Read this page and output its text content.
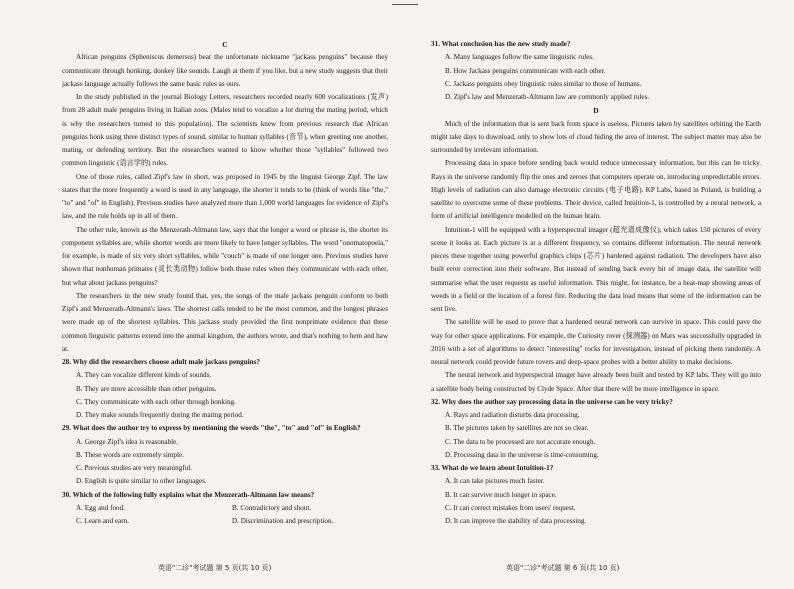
C

African penguins (Spheniscus demersus) bear the unfortunate nickname "jackass penguins" because they communicate through honking, donkey like sounds. Laugh at them if you like, but a new study suggests that their jackass language actually follows the same basic rules as ours.

In the study published in the journal Biology Letters, researchers recorded nearly 600 vocalizations (发声) from 28 adult male penguins living in Italian zoos. (Males tend to vocalize a lot during the mating period, which is why the researchers turned to this population). The scientists knew from previous research that African penguins honk using three distinct types of sound, similar to human syllables (音节), when greeting one another, mating, or defending territory. But the researchers wanted to know whether those "syllables" followed two common linguistic (语言学的) rules.

One of those rules, called Zipf's law in short, was proposed in 1945 by the linguist George Zipf. The law states that the more frequently a word is used in any language, the shorter it tends to be (think of words like "the," "to" and "of" in English). Previous studies have analyzed more than 1,000 world languages for evidence of Zipf's law, and the rule holds up in all of them.

The other rule, known as the Menzerath-Altmann law, says that the longer a word or phrase is, the shorter its component syllables are, while shorter words are more likely to have longer syllables. The word "onomatopoeia," for example, is made of six very short syllables, while "couch" is made of one longer one. Previous studies have shown that nonhuman primates (灵长类动物) follow both these rules when they communicate with each other, but what about jackass penguins?

The researchers in the new study found that, yes, the songs of the male jackass penguin conform to both Zipf's and Menzerath-Altmann's laws. The shortest calls tended to be the most common, and the longest phrases were made up of the shortest syllables. This jackass study provided the first nonprimate evidence that these common linguistic patterns extend into the animal kingdom, the authors wrote, and that's nothing to hem and haw at.

28. Why did the researchers choose adult male jackass penguins?

A. They can vocalize different kinds of sounds.

B. They are more accessible than other penguins.

C. They communicate with each other through honking.

D. They make sounds frequently during the mating period.

29. What does the author try to express by mentioning the words "the", "to" and "of" in English?

A. George Zipf's idea is reasonable.

B. These words are extremely simple.

C. Previous studies are very meaningful.

D. English is quite similar to other languages.

30. Which of the following fully explains what the Menzerath-Altmann law means?

A. Egg and food.	B. Contradictory and shout.
C. Learn and earn.	D. Discrimination and prescription.

31. What conclusion has the new study made?

A. Many languages follow the same linguistic rules.

B. How Jackass penguins communicate with each other.

C. Jackass penguins obey linguistic rules similar to those of humans.

D. Zipf's law and Menzerath-Altmann law are commonly applied rules.

D

Much of the information that is sent back from space is useless. Pictures taken by satellites orbiting the Earth might take days to download, only to show lots of cloud hiding the area of interest. The subject matter may also be surrounded by irrelevant information.

Processing data in space before sending back would reduce unnecessary information, but this can be tricky. Rays in the universe randomly flip the ones and zeroes that computers operate on, introducing unpredictable errors. High levels of radiation can also damage electronic circuits (电子电路). KP Labs, based in Poland, is building a satellite to overcome some of these problems. Their device, called Intuition-1, is controlled by a neural network, a form of artificial intelligence modelled on the human brain.

Intuition-1 will be equipped with a hyperspectral imager (超光谱成像仪), which takes 150 pictures of every scene it looks at. Each picture is at a different frequency, so contains different information. The neural network pieces these together using powerful graphics chips (芯片) hardened against radiation. The developers have also built error correction into their software. But instead of sending back every bit of image data, the satellite will summarise what the user requests as useful information. This might, for instance, be a heat-map showing areas of weeds in a field or the location of a forest fire. Reducing the data load means that some of the information can be sent live.

The satellite will be used to prove that a hardened neural network can survive in space. This could pave the way for other space applications. For example, the Curiosity rover (探测器) on Mars was successfully upgraded in 2016 with a set of algorithms to detect "interesting" rocks for investigation, instead of picking them randomly. A neural network could provide future rovers and deep-space probes with a better ability to make decisions.

The neural network and hyperspectral imager have already been built and tested by KP labs. They will go into a satellite body being constructed by Clyde Space. After that there will be more intelligence in space.

32. Why does the author say processing data in the universe can be very tricky?

A. Rays and radiation disturbs data processing.

B. The pictures taken by satellites are not so clear.

C. The data to be processed are not accurate enough.

D. Processing data in the universe is time-consuming.

33. What do we learn about Intuition-1?

A. It can take pictures much faster.

B. It can survive much longer in space.

C. It can correct mistakes from users' request.

D. It can improve the stability of data processing.

英语"二诊"考试题 第 5 页(共 10 页)	英语"二诊"考试题 第 6 页(共 10 页)
